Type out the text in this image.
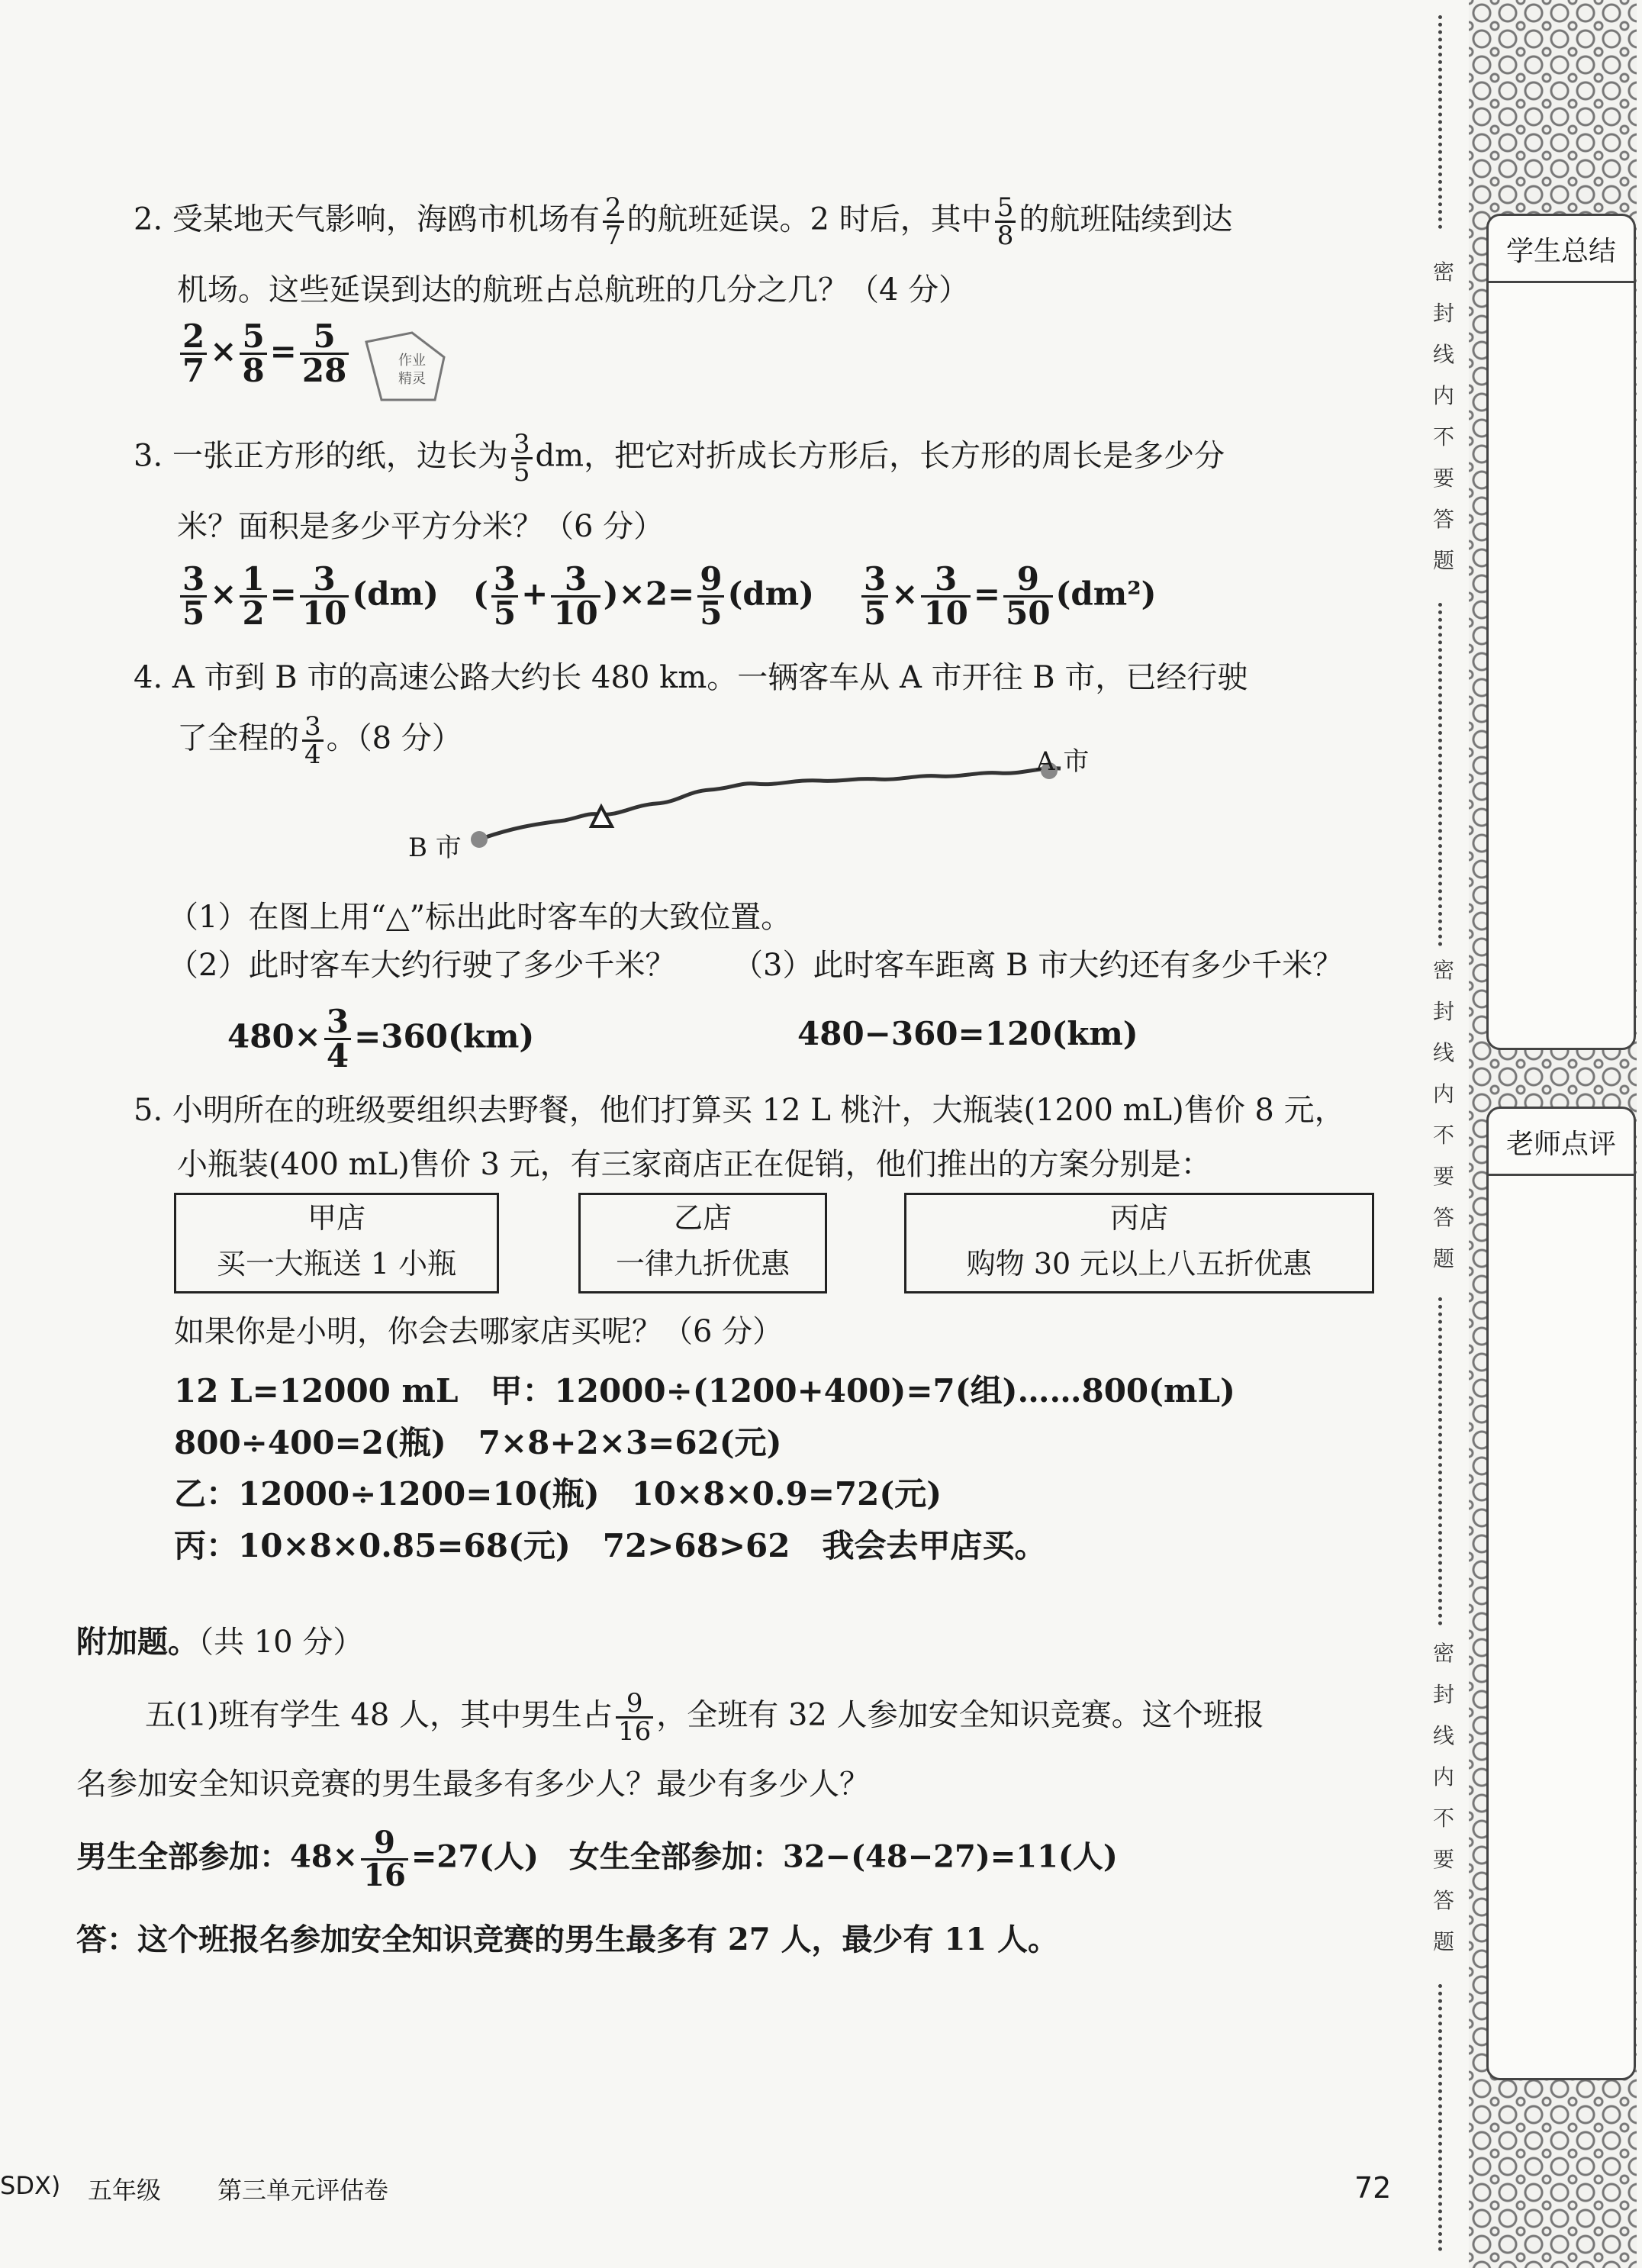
2. 受某地天气影响，海鸥市机场有 $\frac{2}{7}$ 的航班延误。2 时后，其中 $\frac{5}{8}$ 的航班陆续到达
机场。这些延误到达的航班占总航班的几分之几？（4 分）
$\frac{2}{7} \times \frac{5}{8} = \frac{5}{28}$	作业
精灵
3. 一张正方形的纸，边长为 $\frac{3}{5}$ dm，把它对折成长方形后，长方形的周长是多少分
米？面积是多少平方分米？（6 分）
$\frac{3}{5} \times \frac{1}{2} = \frac{3}{10} (dm)$ ( $\frac{3}{5} + \frac{3}{10} )\times 2= \frac{9}{5} (dm) \frac{3}{5} \times \frac{3}{10} = \frac{9}{50} (dm^2)$
4. A 市到 B 市的高速公路大约长 480 km。一辆客车从 A 市开往 B 市，已经行驶
了全程的 $\frac{3}{4}$ 。（8 分）
A 市
B 市
（1）在图上用“△”标出此时客车的大致位置。
（2）此时客车大约行驶了多少千米？ （3）此时客车距离 B 市大约还有多少千米？
$480\times \frac{3}{4} =360(km)$	480−360=120(km)
5. 小明所在的班级要组织去野餐，他们打算买 12 L 桃汁，大瓶装(1200 mL)售价 8 元，
小瓶装(400 mL)售价 3 元，有三家商店正在促销，他们推出的方案分别是：
甲店
买一大瓶送 1 小瓶
乙店
一律九折优惠
丙店
购物 30 元以上八五折优惠
如果你是小明，你会去哪家店买呢？（6 分）
12 L=12000 mL　甲：12000÷(1200+400)=7(组)……800(mL)
800÷400=2(瓶)　7×8+2×3=62(元)
乙：12000÷1200=10(瓶)　10×8×0.9=72(元)
丙：10×8×0.85=68(元)　72>68>62　我会去甲店买。
附加题。（共 10 分）
五(1)班有学生 48 人，其中男生占 $\frac{9}{16}$ ，全班有 32 人参加安全知识竞赛。这个班报
名参加安全知识竞赛的男生最多有多少人？最少有多少人？
男生全部参加：$48\times \frac{9}{16} =27$(人)　女生全部参加：32−(48−27)=11(人)
答：这个班报名参加安全知识竞赛的男生最多有 27 人，最少有 11 人。
SDX) 五年级 第三单元评估卷	72
密
封
线
内
不
要
答
题
密
封
线
内
不
要
答
题
密
封
线
内
不
要
答
题
学生总结
老师点评
